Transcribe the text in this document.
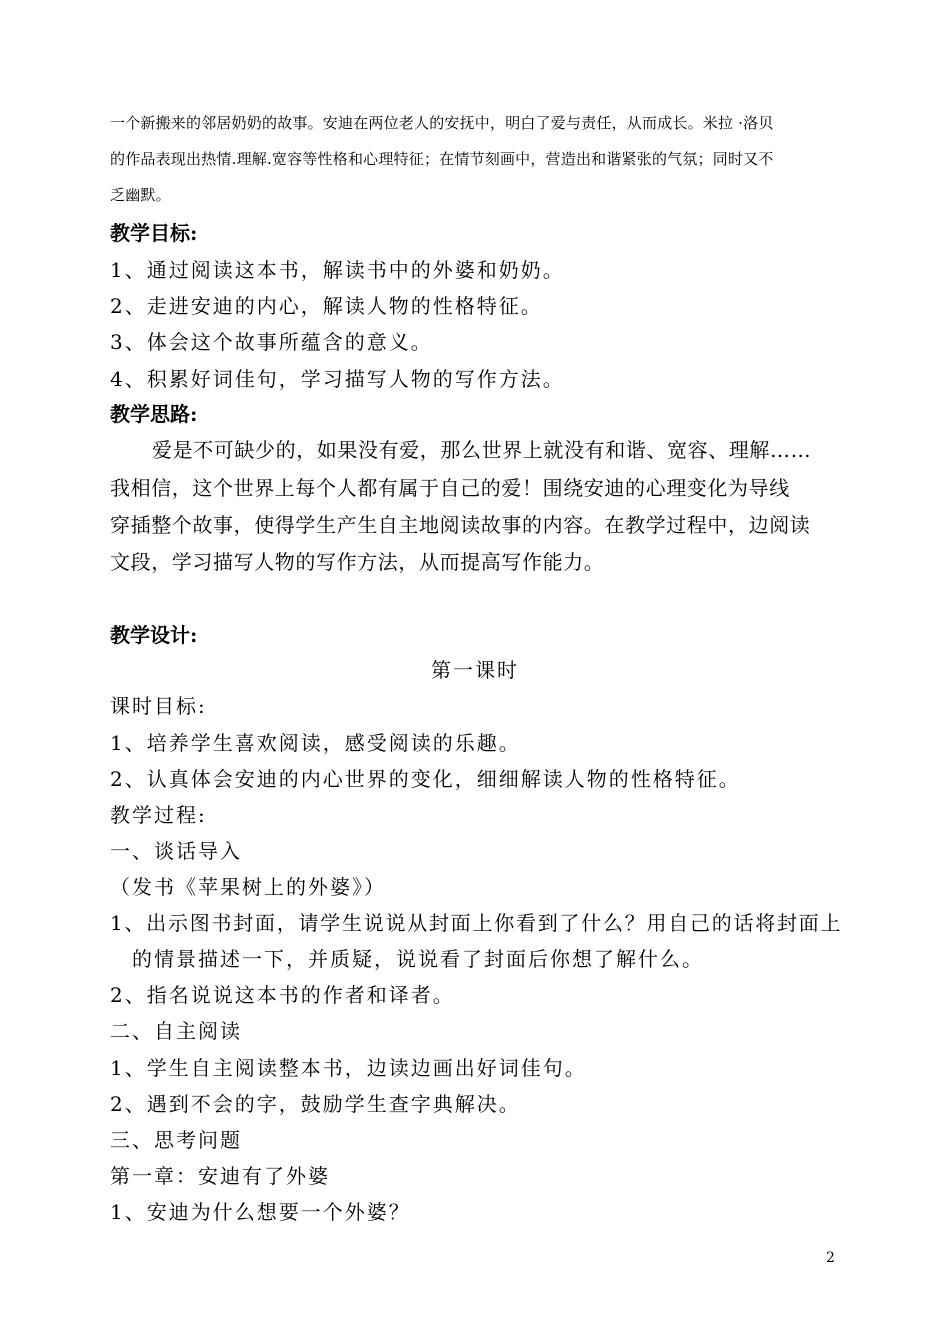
一个新搬来的邻居奶奶的故事。安迪在两位老人的安抚中，明白了爱与责任，从而成长。米拉 ·洛贝
的作品表现出热情.理解.宽容等性格和心理特征；在情节刻画中，营造出和谐紧张的气氛；同时又不
乏幽默。
教学目标:
1、通过阅读这本书，解读书中的外婆和奶奶。
2、走进安迪的内心，解读人物的性格特征。
3、体会这个故事所蕴含的意义。
4、积累好词佳句，学习描写人物的写作方法。
教学思路:
爱是不可缺少的，如果没有爱，那么世界上就没有和谐、宽容、理解……
我相信，这个世界上每个人都有属于自己的爱！围绕安迪的心理变化为导线
穿插整个故事，使得学生产生自主地阅读故事的内容。在教学过程中，边阅读
文段，学习描写人物的写作方法，从而提高写作能力。
教学设计:
第一课时
课时目标:
1、培养学生喜欢阅读，感受阅读的乐趣。
2、认真体会安迪的内心世界的变化，细细解读人物的性格特征。
教学过程:
一、谈话导入
（发书《苹果树上的外婆》）
1、出示图书封面，请学生说说从封面上你看到了什么？用自己的话将封面上
的情景描述一下，并质疑，说说看了封面后你想了解什么。
2、指名说说这本书的作者和译者。
二、自主阅读
1、学生自主阅读整本书，边读边画出好词佳句。
2、遇到不会的字，鼓励学生查字典解决。
三、思考问题
第一章：安迪有了外婆
1、安迪为什么想要一个外婆？
2
